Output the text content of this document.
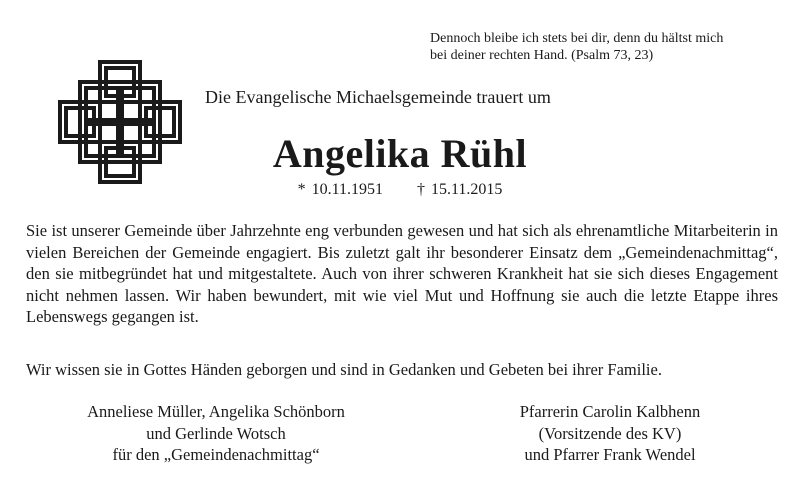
Dennoch bleibe ich stets bei dir, denn du hältst mich
bei deiner rechten Hand. (Psalm 73, 23)
Die Evangelische Michaelsgemeinde trauert um
Angelika Rühl
* 10.11.1951 † 15.11.2015
Sie ist unserer Gemeinde über Jahrzehnte eng verbunden gewesen und hat sich als ehrenamtliche Mitarbeiterin in vielen Bereichen der Gemeinde engagiert. Bis zuletzt galt ihr besonderer Einsatz dem „Gemeindenachmittag“, den sie mitbegründet hat und mitgestaltete. Auch von ihrer schweren Krankheit hat sie sich dieses Engagement nicht nehmen lassen. Wir haben bewundert, mit wie viel Mut und Hoffnung sie auch die letzte Etappe ihres Lebenswegs gegangen ist.
Wir wissen sie in Gottes Händen geborgen und sind in Gedanken und Gebeten bei ihrer Familie.
Anneliese Müller, Angelika Schönborn
und Gerlinde Wotsch
für den „Gemeindenachmittag“
Pfarrerin Carolin Kalbhenn
(Vorsitzende des KV)
und Pfarrer Frank Wendel
